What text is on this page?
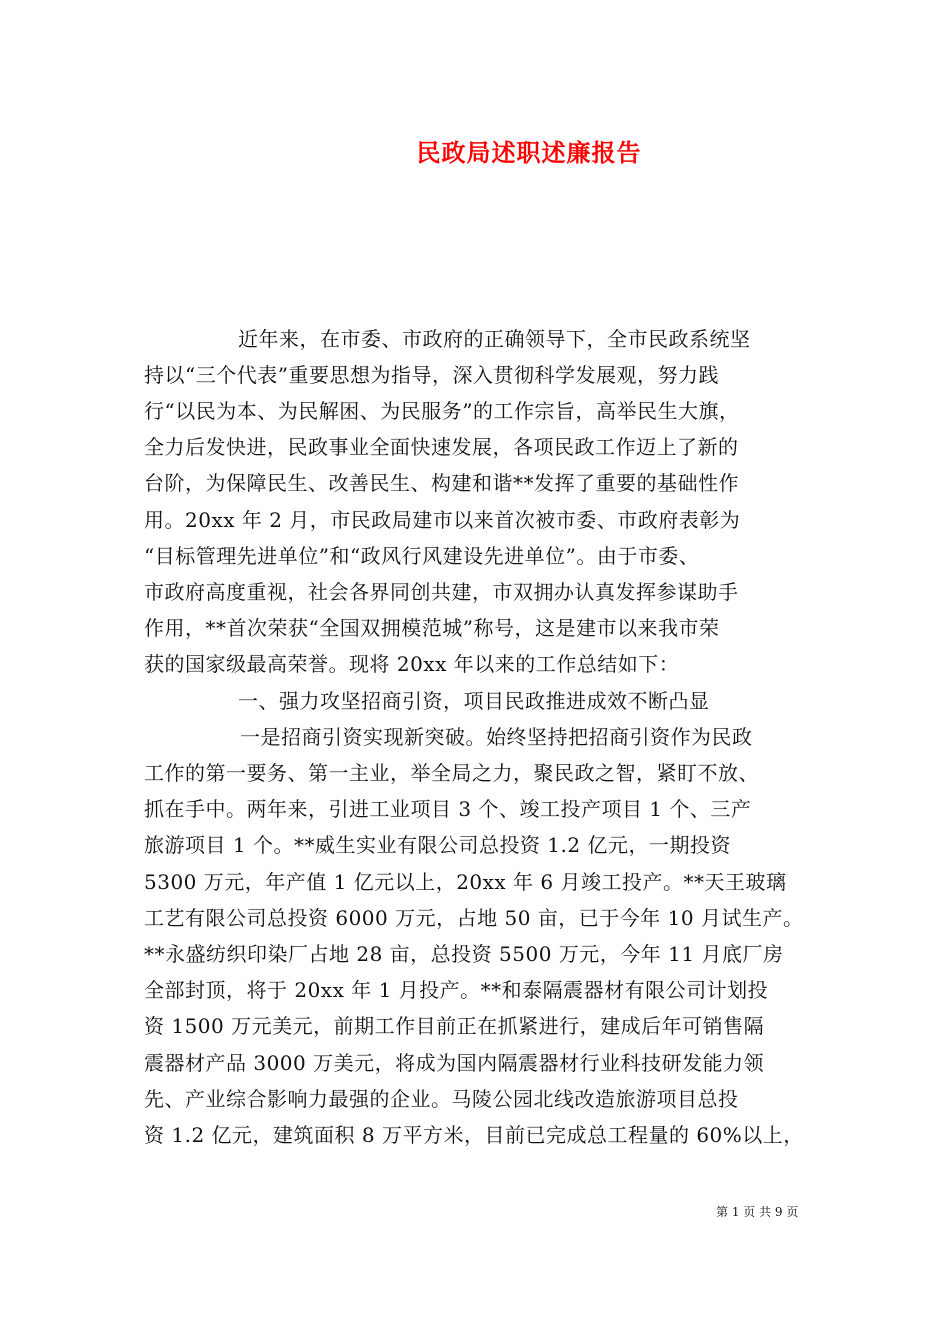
民政局述职述廉报告
近年来，在市委、市政府的正确领导下，全市民政系统坚
持以“三个代表”重要思想为指导，深入贯彻科学发展观，努力践
行“以民为本、为民解困、为民服务”的工作宗旨，高举民生大旗，
全力后发快进，民政事业全面快速发展，各项民政工作迈上了新的
台阶，为保障民生、改善民生、构建和谐**发挥了重要的基础性作
用。20xx 年 2 月，市民政局建市以来首次被市委、市政府表彰为
“目标管理先进单位”和“政风行风建设先进单位”。由于市委、
市政府高度重视，社会各界同创共建，市双拥办认真发挥参谋助手
作用，**首次荣获“全国双拥模范城”称号，这是建市以来我市荣
获的国家级最高荣誉。现将 20xx 年以来的工作总结如下：
一、强力攻坚招商引资，项目民政推进成效不断凸显
一是招商引资实现新突破。始终坚持把招商引资作为民政
工作的第一要务、第一主业，举全局之力，聚民政之智，紧盯不放、
抓在手中。两年来，引进工业项目 3 个、竣工投产项目 1 个、三产
旅游项目 1 个。**威生实业有限公司总投资 1.2 亿元，一期投资
5300 万元，年产值 1 亿元以上，20xx 年 6 月竣工投产。**天王玻璃
工艺有限公司总投资 6000 万元，占地 50 亩，已于今年 10 月试生产。
**永盛纺织印染厂占地 28 亩，总投资 5500 万元，今年 11 月底厂房
全部封顶，将于 20xx 年 1 月投产。**和泰隔震器材有限公司计划投
资 1500 万元美元，前期工作目前正在抓紧进行，建成后年可销售隔
震器材产品 3000 万美元，将成为国内隔震器材行业科技研发能力领
先、产业综合影响力最强的企业。马陵公园北线改造旅游项目总投
资 1.2 亿元，建筑面积 8 万平方米，目前已完成总工程量的 60%以上，
第 1 页 共 9 页
